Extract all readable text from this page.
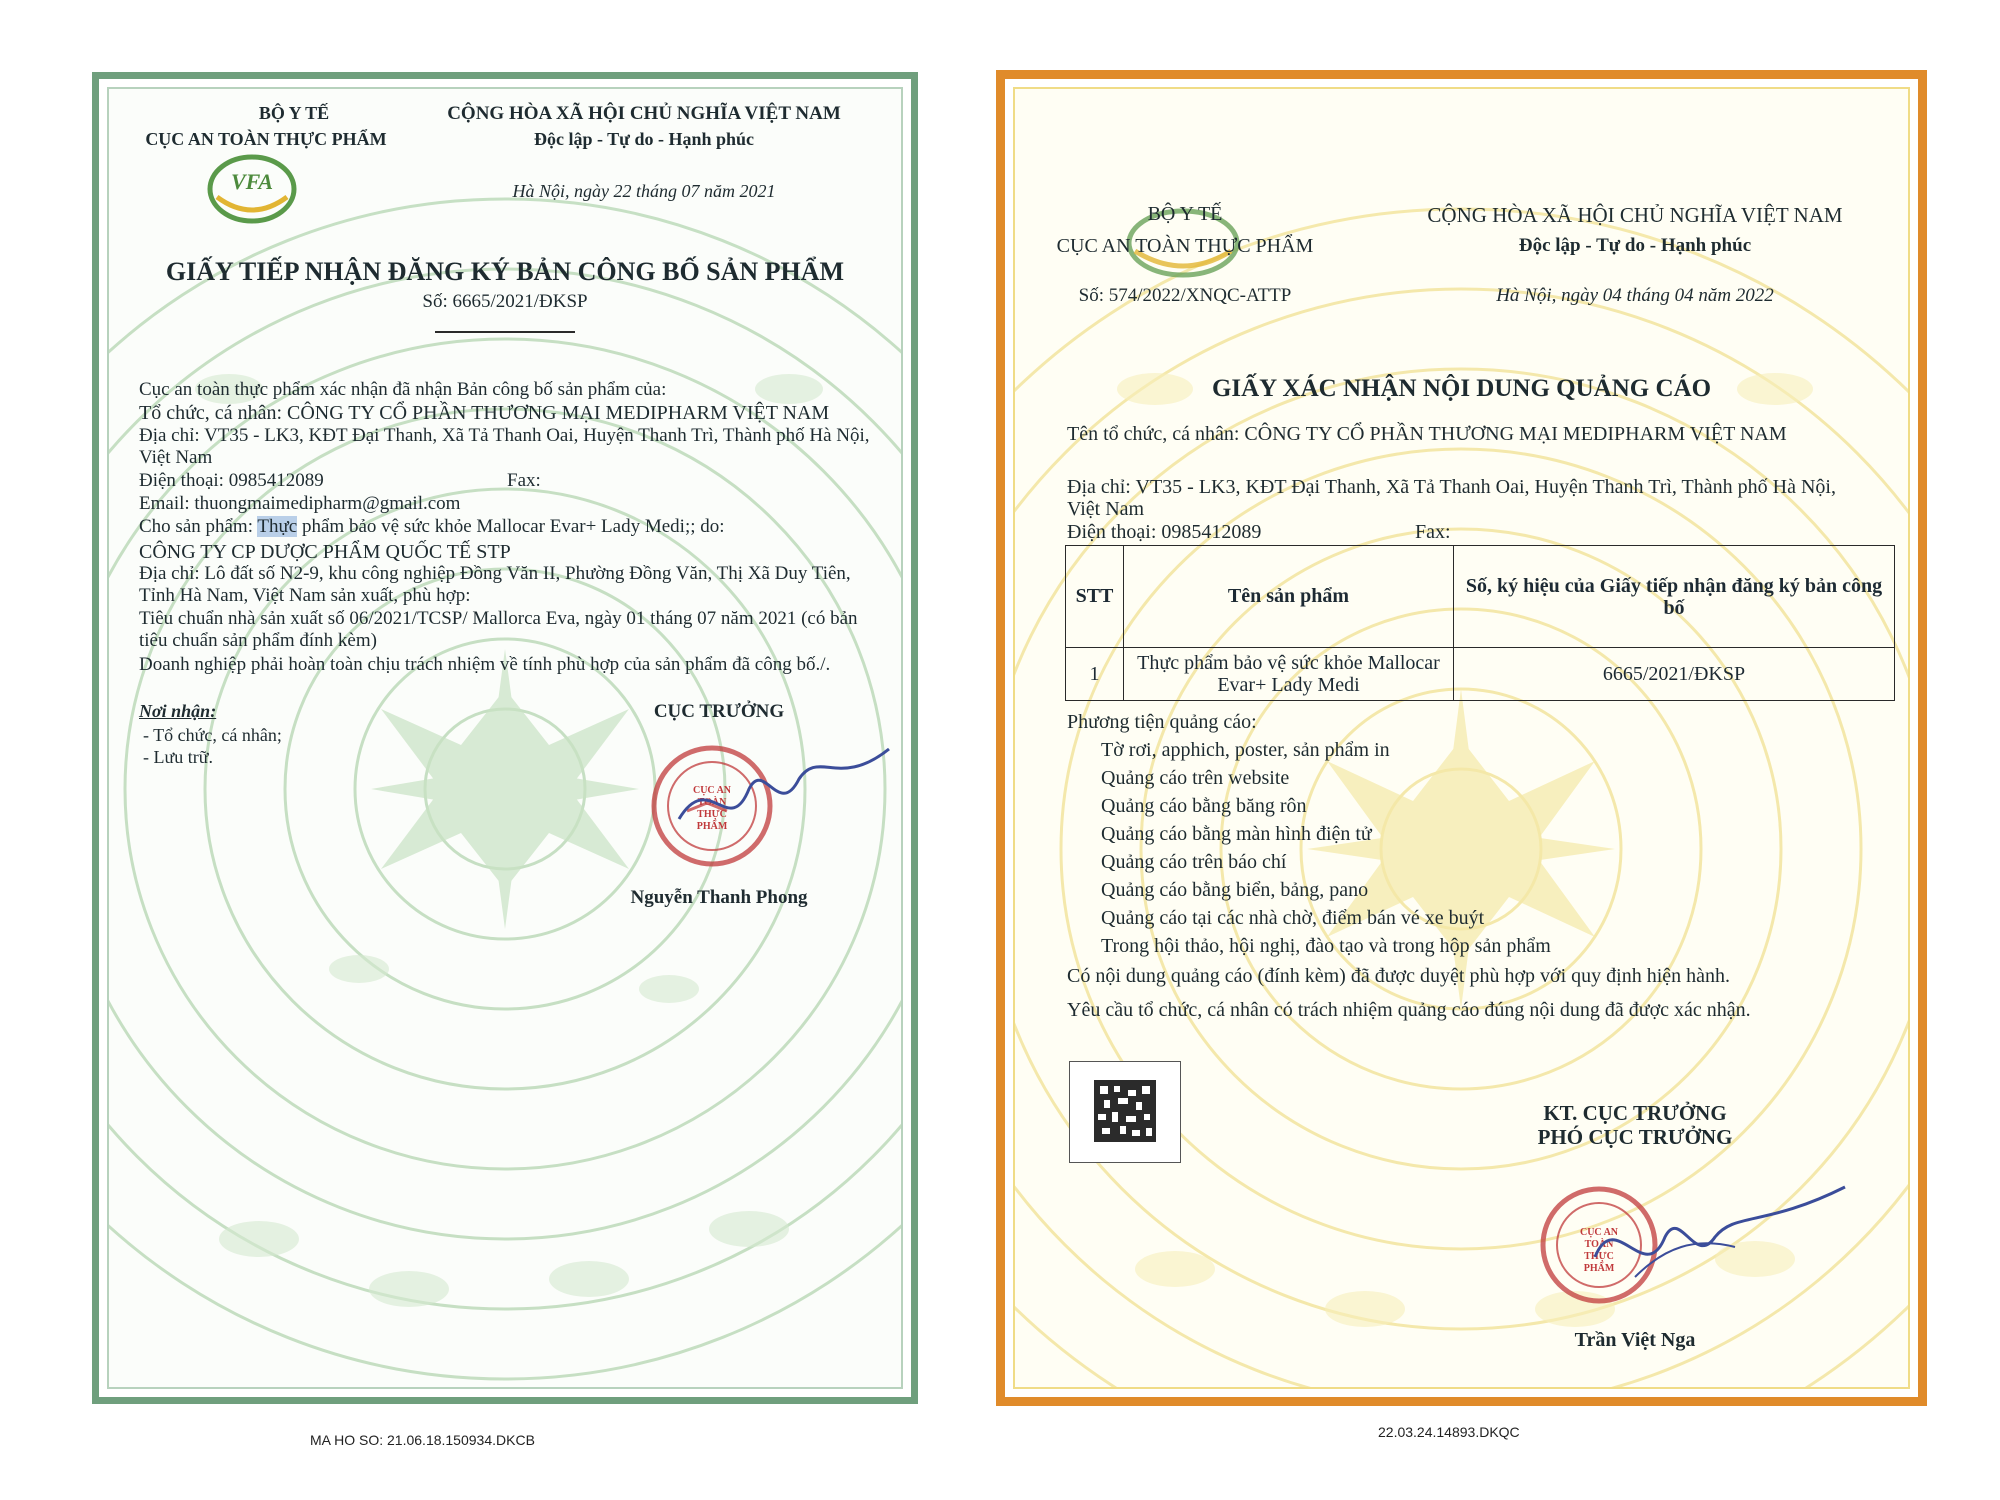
BỘ Y TẾ
CỤC AN TOÀN THỰC PHẨM
VFA
CỘNG HÒA XÃ HỘI CHỦ NGHĨA VIỆT NAM
Độc lập - Tự do - Hạnh phúc
Hà Nội, ngày 22 tháng 07 năm 2021
GIẤY TIẾP NHẬN ĐĂNG KÝ BẢN CÔNG BỐ SẢN PHẨM
Số: 6665/2021/ĐKSP
Cục an toàn thực phẩm xác nhận đã nhận Bản công bố sản phẩm của:
Tổ chức, cá nhân: CÔNG TY CỔ PHẦN THƯƠNG MẠI MEDIPHARM VIỆT NAM
Địa chỉ: VT35 - LK3, KĐT Đại Thanh, Xã Tả Thanh Oai, Huyện Thanh Trì, Thành phố Hà Nội, Việt Nam
Điện thoại: 0985412089	Fax:
Email: thuongmaimedipharm@gmail.com
Cho sản phẩm: Thực phẩm bảo vệ sức khỏe Mallocar Evar+ Lady Medi;; do:
CÔNG TY CP DƯỢC PHẨM QUỐC TẾ STP
Địa chỉ: Lô đất số N2-9, khu công nghiệp Đồng Văn II, Phường Đồng Văn, Thị Xã Duy Tiên, Tỉnh Hà Nam, Việt Nam sản xuất, phù hợp:
Tiêu chuẩn nhà sản xuất số 06/2021/TCSP/ Mallorca Eva, ngày 01 tháng 07 năm 2021 (có bản tiêu chuẩn sản phẩm đính kèm)
Doanh nghiệp phải hoàn toàn chịu trách nhiệm về tính phù hợp của sản phẩm đã công bố./.
Nơi nhận:
- Tổ chức, cá nhân;
- Lưu trữ.
CỤC TRƯỞNG
CỤC AN TOÀN THỰC PHẨM
Nguyễn Thanh Phong
MA HO SO: 21.06.18.150934.DKCB
BỘ Y TẾ
CỤC AN TOÀN THỰC PHẨM
CỘNG HÒA XÃ HỘI CHỦ NGHĨA VIỆT NAM
Độc lập - Tự do - Hạnh phúc
Số: 574/2022/XNQC-ATTP	Hà Nội, ngày 04 tháng 04 năm 2022
GIẤY XÁC NHẬN NỘI DUNG QUẢNG CÁO
Tên tổ chức, cá nhân: CÔNG TY CỔ PHẦN THƯƠNG MẠI MEDIPHARM VIỆT NAM
Địa chỉ: VT35 - LK3, KĐT Đại Thanh, Xã Tả Thanh Oai, Huyện Thanh Trì, Thành phố Hà Nội, Việt Nam
Điện thoại: 0985412089	Fax:
STT	Tên sản phẩm	Số, ký hiệu của Giấy tiếp nhận đăng ký bản công bố
1	Thực phẩm bảo vệ sức khỏe Mallocar Evar+ Lady Medi	6665/2021/ĐKSP
Phương tiện quảng cáo:
Tờ rơi, apphich, poster, sản phẩm in
Quảng cáo trên website
Quảng cáo bằng băng rôn
Quảng cáo bằng màn hình điện tử
Quảng cáo trên báo chí
Quảng cáo bằng biển, bảng, pano
Quảng cáo tại các nhà chờ, điểm bán vé xe buýt
Trong hội thảo, hội nghị, đào tạo và trong hộp sản phẩm
Có nội dung quảng cáo (đính kèm) đã được duyệt phù hợp với quy định hiện hành.
Yêu cầu tổ chức, cá nhân có trách nhiệm quảng cáo đúng nội dung đã được xác nhận.
KT. CỤC TRƯỞNG
PHÓ CỤC TRƯỞNG
CỤC AN TOÀN THỰC PHẨM
Trần Việt Nga
22.03.24.14893.DKQC
